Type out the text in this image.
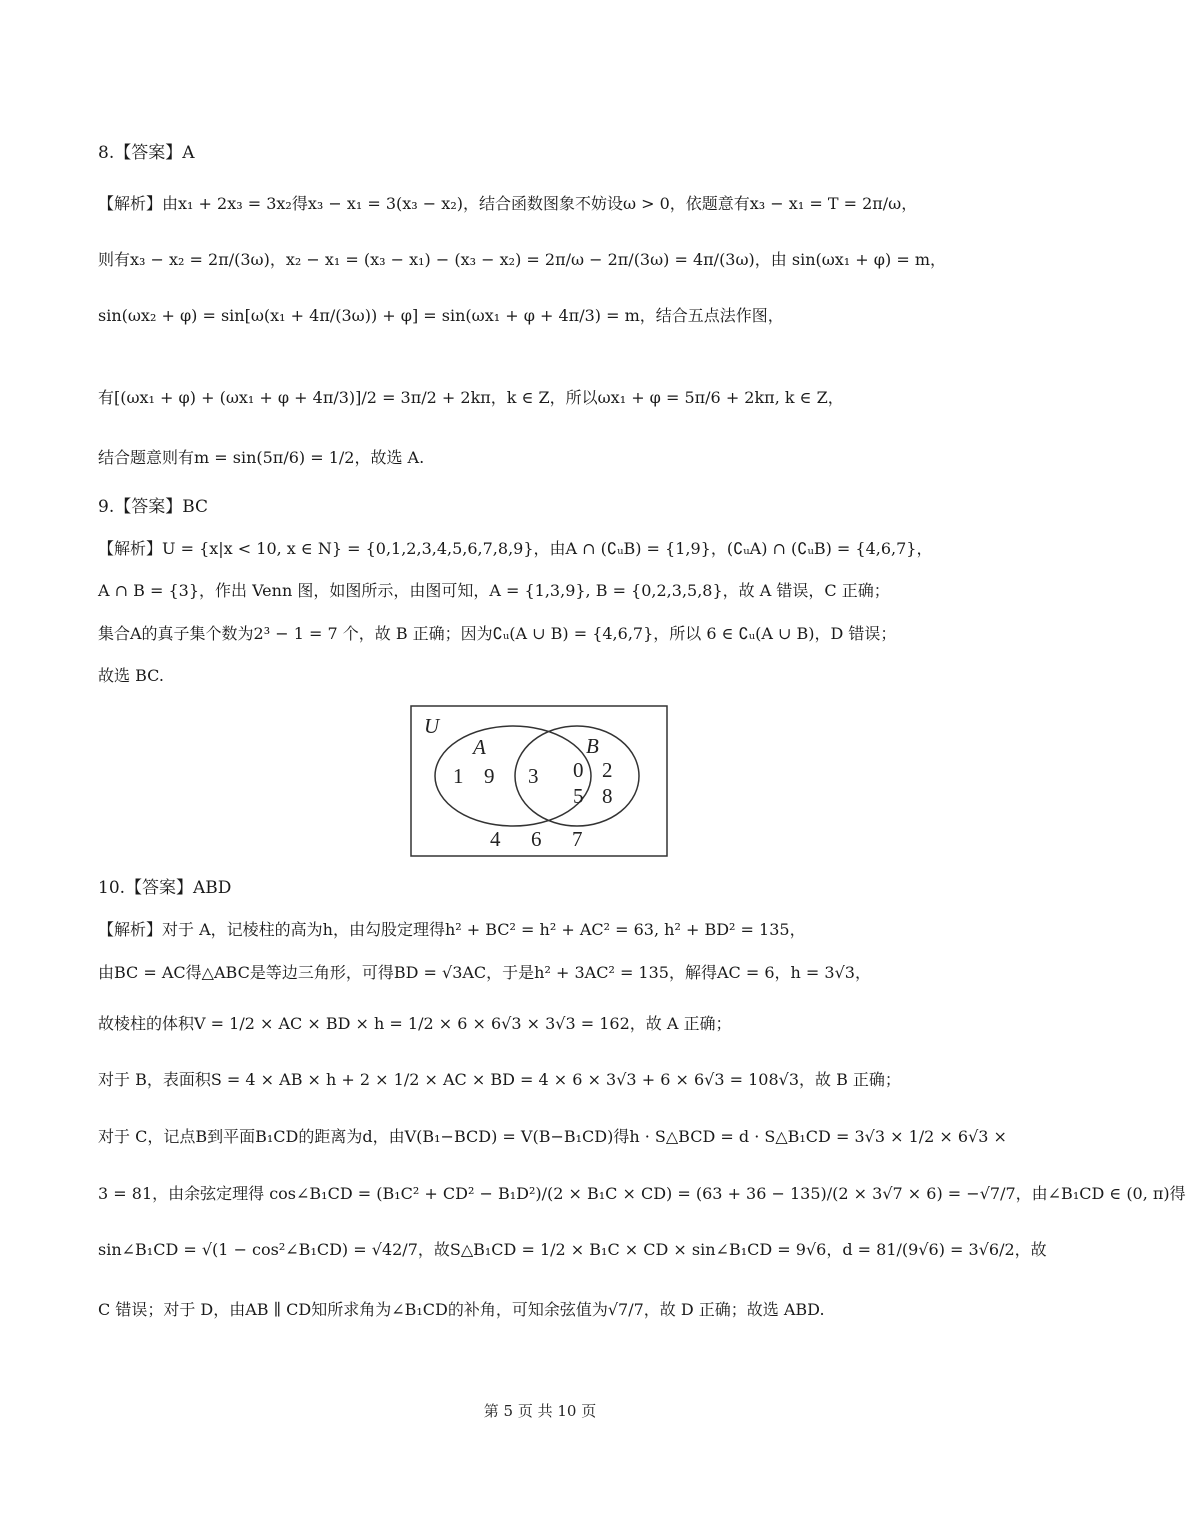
8.【答案】A
【解析】由x₁ + 2x₃ = 3x₂得x₃ − x₁ = 3(x₃ − x₂)，结合函数图象不妨设ω > 0，依题意有x₃ − x₁ = T = 2π/ω，
则有x₃ − x₂ = 2π/(3ω)，x₂ − x₁ = (x₃ − x₁) − (x₃ − x₂) = 2π/ω − 2π/(3ω) = 4π/(3ω)，由 sin(ωx₁ + φ) = m，
sin(ωx₂ + φ) = sin[ω(x₁ + 4π/(3ω)) + φ] = sin(ωx₁ + φ + 4π/3) = m，结合五点法作图，
有[(ωx₁ + φ) + (ωx₁ + φ + 4π/3)]/2 = 3π/2 + 2kπ，k ∈ Z，所以ωx₁ + φ = 5π/6 + 2kπ, k ∈ Z，
结合题意则有m = sin(5π/6) = 1/2，故选 A.
9.【答案】BC
【解析】U = {x|x < 10, x ∈ N} = {0,1,2,3,4,5,6,7,8,9}，由A ∩ (∁ᵤB) = {1,9}，(∁ᵤA) ∩ (∁ᵤB) = {4,6,7}，
A ∩ B = {3}，作出 Venn 图，如图所示，由图可知，A = {1,3,9}, B = {0,2,3,5,8}，故 A 错误，C 正确；
集合A的真子集个数为2³ − 1 = 7 个，故 B 正确；因为∁ᵤ(A ∪ B) = {4,6,7}，所以 6 ∈ ∁ᵤ(A ∪ B)，D 错误；
故选 BC.
U
A	B
1 9 3 0 2
5 8
4 6 7
10.【答案】ABD
【解析】对于 A，记棱柱的高为h，由勾股定理得h² + BC² = h² + AC² = 63, h² + BD² = 135，
由BC = AC得△ABC是等边三角形，可得BD = √3AC，于是h² + 3AC² = 135，解得AC = 6，h = 3√3，
故棱柱的体积V = 1/2 × AC × BD × h = 1/2 × 6 × 6√3 × 3√3 = 162，故 A 正确；
对于 B，表面积S = 4 × AB × h + 2 × 1/2 × AC × BD = 4 × 6 × 3√3 + 6 × 6√3 = 108√3，故 B 正确；
对于 C，记点B到平面B₁CD的距离为d，由V(B₁−BCD) = V(B−B₁CD)得h · S△BCD = d · S△B₁CD = 3√3 × 1/2 × 6√3 ×
3 = 81，由余弦定理得 cos∠B₁CD = (B₁C² + CD² − B₁D²)/(2 × B₁C × CD) = (63 + 36 − 135)/(2 × 3√7 × 6) = −√7/7，由∠B₁CD ∈ (0, π)得
sin∠B₁CD = √(1 − cos²∠B₁CD) = √42/7，故S△B₁CD = 1/2 × B₁C × CD × sin∠B₁CD = 9√6，d = 81/(9√6) = 3√6/2，故
C 错误；对于 D，由AB ∥ CD知所求角为∠B₁CD的补角，可知余弦值为√7/7，故 D 正确；故选 ABD.
第 5 页 共 10 页
